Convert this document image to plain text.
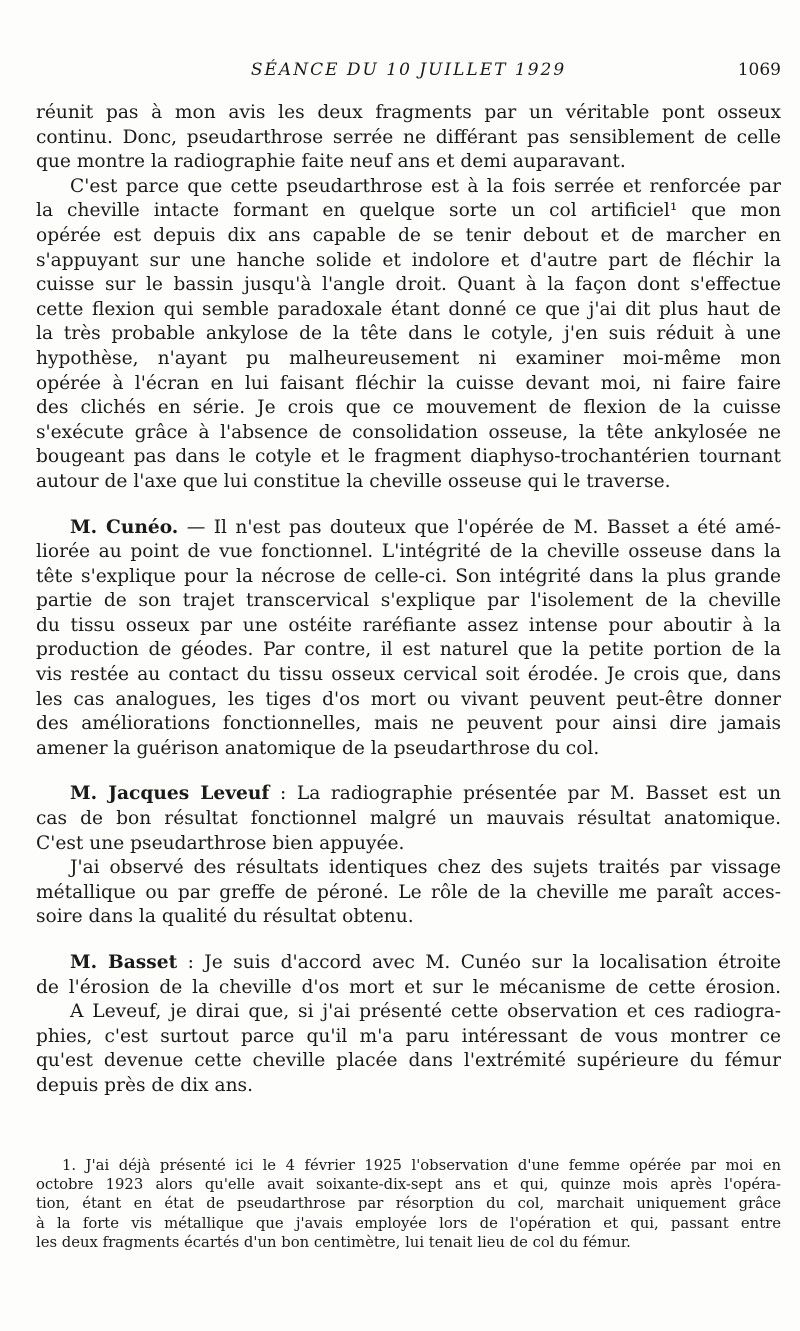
SÉANCE DU 10 JUILLET 1929	1069
réunit pas à mon avis les deux fragments par un véritable pont osseux
continu. Donc, pseudarthrose serrée ne différant pas sensiblement de celle
que montre la radiographie faite neuf ans et demi auparavant.
C'est parce que cette pseudarthrose est à la fois serrée et renforcée par
la cheville intacte formant en quelque sorte un col artificiel¹ que mon
opérée est depuis dix ans capable de se tenir debout et de marcher en
s'appuyant sur une hanche solide et indolore et d'autre part de fléchir la
cuisse sur le bassin jusqu'à l'angle droit. Quant à la façon dont s'effectue
cette flexion qui semble paradoxale étant donné ce que j'ai dit plus haut de
la très probable ankylose de la tête dans le cotyle, j'en suis réduit à une
hypothèse, n'ayant pu malheureusement ni examiner moi-même mon
opérée à l'écran en lui faisant fléchir la cuisse devant moi, ni faire faire
des clichés en série. Je crois que ce mouvement de flexion de la cuisse
s'exécute grâce à l'absence de consolidation osseuse, la tête ankylosée ne
bougeant pas dans le cotyle et le fragment diaphyso-trochantérien tournant
autour de l'axe que lui constitue la cheville osseuse qui le traverse.
M. Cunéo. — Il n'est pas douteux que l'opérée de M. Basset a été amé-
liorée au point de vue fonctionnel. L'intégrité de la cheville osseuse dans la
tête s'explique pour la nécrose de celle-ci. Son intégrité dans la plus grande
partie de son trajet transcervical s'explique par l'isolement de la cheville
du tissu osseux par une ostéite raréfiante assez intense pour aboutir à la
production de géodes. Par contre, il est naturel que la petite portion de la
vis restée au contact du tissu osseux cervical soit érodée. Je crois que, dans
les cas analogues, les tiges d'os mort ou vivant peuvent peut-être donner
des améliorations fonctionnelles, mais ne peuvent pour ainsi dire jamais
amener la guérison anatomique de la pseudarthrose du col.
M. Jacques Leveuf : La radiographie présentée par M. Basset est un
cas de bon résultat fonctionnel malgré un mauvais résultat anatomique.
C'est une pseudarthrose bien appuyée.
J'ai observé des résultats identiques chez des sujets traités par vissage
métallique ou par greffe de péroné. Le rôle de la cheville me paraît acces-
soire dans la qualité du résultat obtenu.
M. Basset : Je suis d'accord avec M. Cunéo sur la localisation étroite
de l'érosion de la cheville d'os mort et sur le mécanisme de cette érosion.
A Leveuf, je dirai que, si j'ai présenté cette observation et ces radiogra-
phies, c'est surtout parce qu'il m'a paru intéressant de vous montrer ce
qu'est devenue cette cheville placée dans l'extrémité supérieure du fémur
depuis près de dix ans.
1. J'ai déjà présenté ici le 4 février 1925 l'observation d'une femme opérée par moi en
octobre 1923 alors qu'elle avait soixante-dix-sept ans et qui, quinze mois après l'opéra-
tion, étant en état de pseudarthrose par résorption du col, marchait uniquement grâce
à la forte vis métallique que j'avais employée lors de l'opération et qui, passant entre
les deux fragments écartés d'un bon centimètre, lui tenait lieu de col du fémur.
